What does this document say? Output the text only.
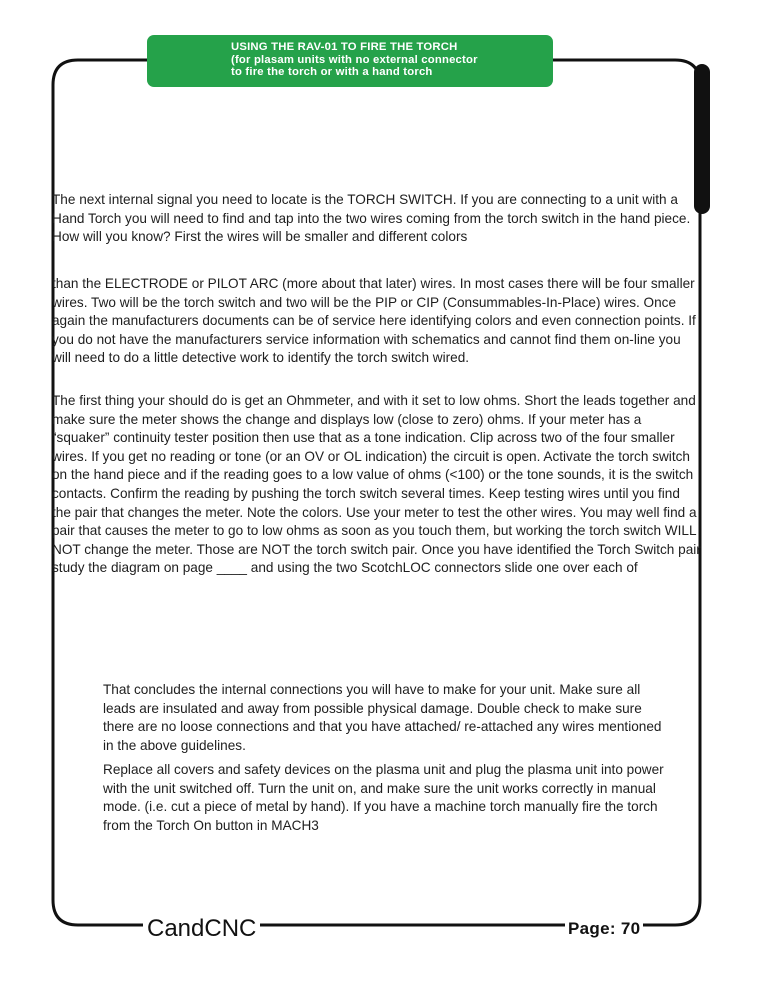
USING THE RAV-01 TO FIRE THE TORCH
(for plasam units with no external connector
to fire the torch or with a hand torch

The next internal signal you need to locate is the TORCH SWITCH. If you are connecting to a unit with a Hand Torch you will need to find and tap into the two wires coming from the torch switch in the hand piece. How will you know? First the wires will be smaller and different colors

than the ELECTRODE or PILOT ARC (more about that later) wires. In most cases there will be four smaller wires. Two will be the torch switch and two will be the PIP or CIP (Consummables-In-Place) wires. Once again the manufacturers documents can be of service here identifying colors and even connection points. If you do not have the manufacturers service information with schematics and cannot find them on-line you will need to do a little detective work to identify the torch switch wired.

The first thing your should do is get an Ohmmeter, and with it set to low ohms. Short the leads together and make sure the meter shows the change and displays low (close to zero) ohms. If your meter has a “squaker” continuity tester position then use that as a tone indication. Clip across two of the four smaller wires. If you get no reading or tone (or an OV or OL indication) the circuit is open. Activate the torch switch on the hand piece and if the reading goes to a low value of ohms (<100) or the tone sounds, it is the switch contacts. Confirm the reading by pushing the torch switch several times. Keep testing wires until you find the pair that changes the meter. Note the colors. Use your meter to test the other wires. You may well find a pair that causes the meter to go to low ohms as soon as you touch them, but working the torch switch WILL NOT change the meter. Those are NOT the torch switch pair. Once you have identified the Torch Switch pair study the diagram on page ____ and using the two ScotchLOC connectors slide one over each of

That concludes the internal connections you will have to make for your unit. Make sure all leads are insulated and away from possible physical damage. Double check to make sure there are no loose connections and that you have attached/ re-attached any wires mentioned in the above guidelines.

Replace all covers and safety devices on the plasma unit and plug the plasma unit into power with the unit switched off. Turn the unit on, and make sure the unit works correctly in manual mode. (i.e. cut a piece of metal by hand). If you have a machine torch manually fire the torch from the Torch On button in MACH3

CandCNC	Page: 70
